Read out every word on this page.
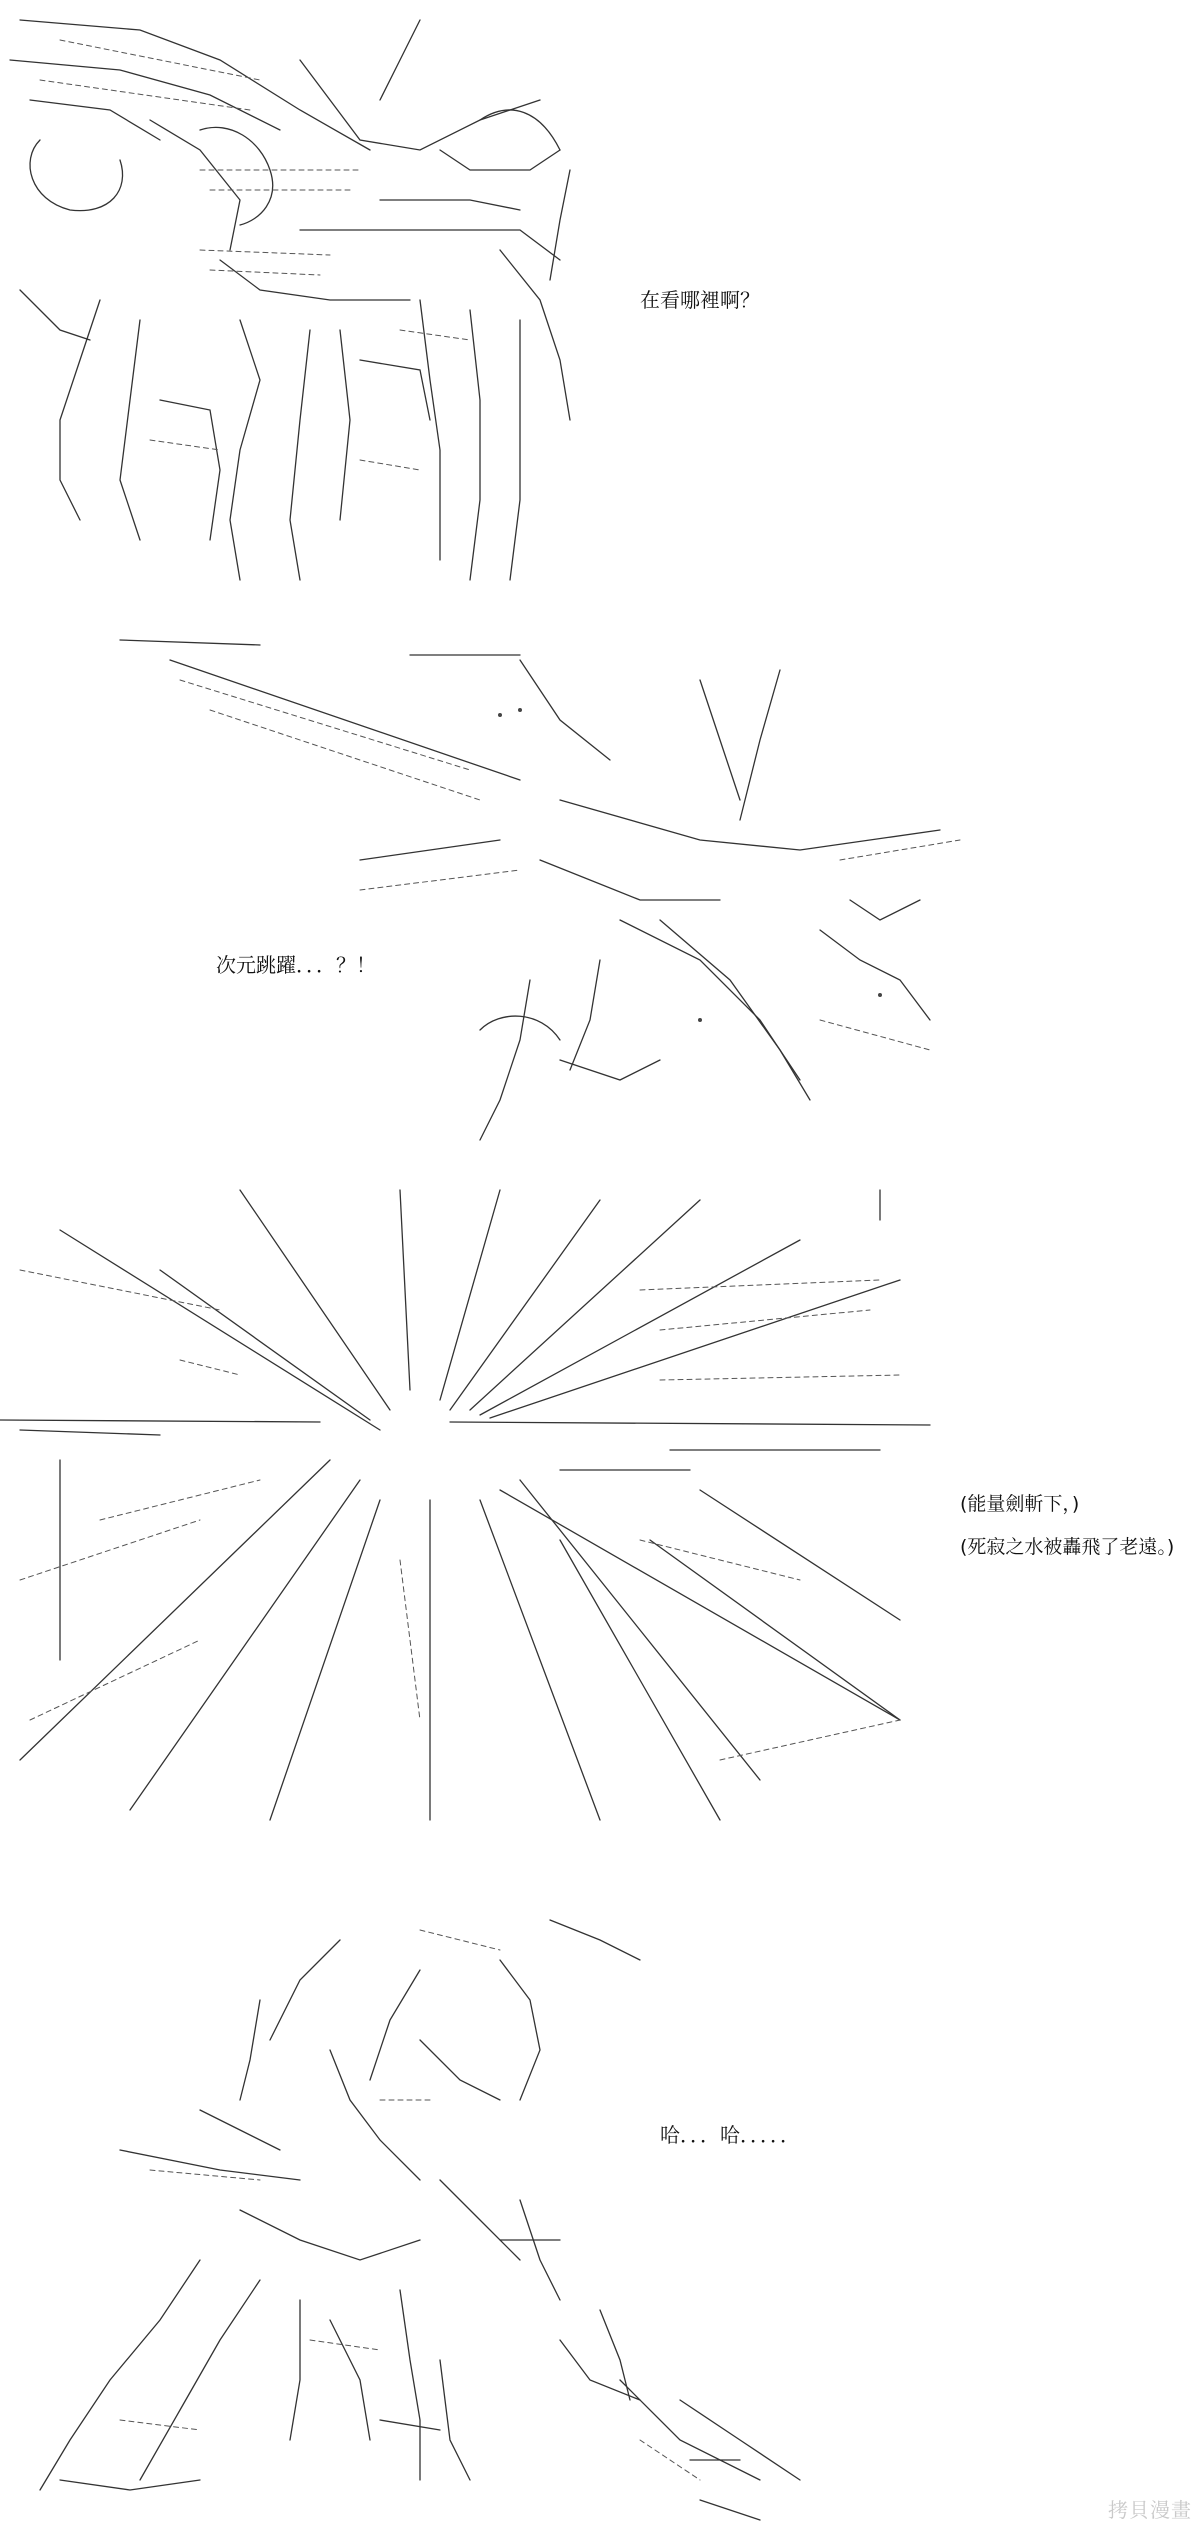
在看哪裡啊？
次元跳躍．．．？！
(能量劍斬下，)
(死寂之水被轟飛了老遠。)
哈．．．哈．．．．．
拷貝漫畫
